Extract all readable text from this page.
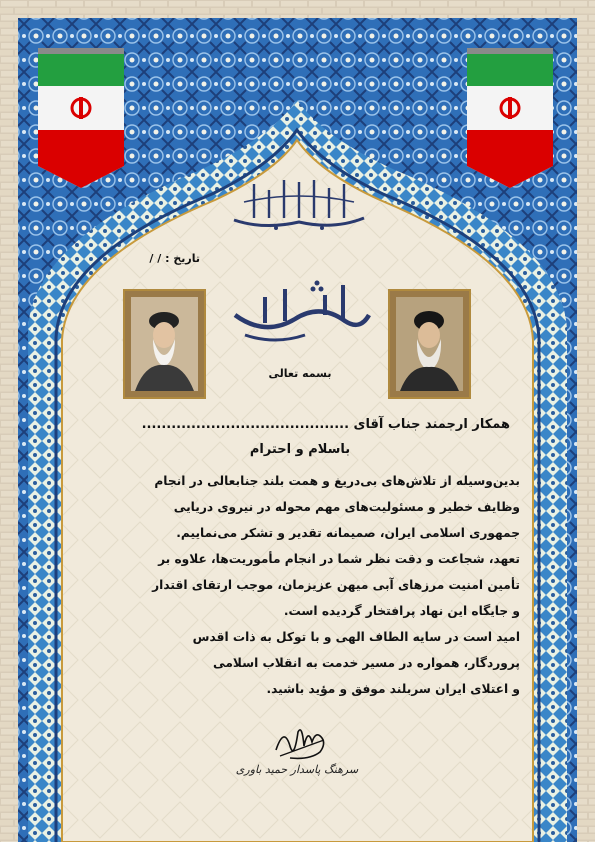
تاریخ : / /
بسمه تعالی
همکار ارجمند جناب آقای ..........................................
باسلام و احترام
بدین‌وسیله از تلاش‌های بی‌دریغ و همت بلند جنابعالی در انجام
وظایف خطیر و مسئولیت‌های مهم محوله در نیروی دریایی
جمهوری اسلامی ایران، صمیمانه تقدیر و تشکر می‌نماییم.
تعهد، شجاعت و دقت نظر شما در انجام مأموریت‌ها، علاوه بر
تأمین امنیت مرزهای آبی میهن عزیزمان، موجب ارتقای اقتدار
و جایگاه این نهاد پرافتخار گردیده است.
امید است در سایه الطاف الهی و با توکل به ذات اقدس
پروردگار، همواره در مسیر خدمت به انقلاب اسلامی
و اعتلای ایران سربلند موفق و مؤید باشید.
سرهنگ پاسدار حمید باوری
